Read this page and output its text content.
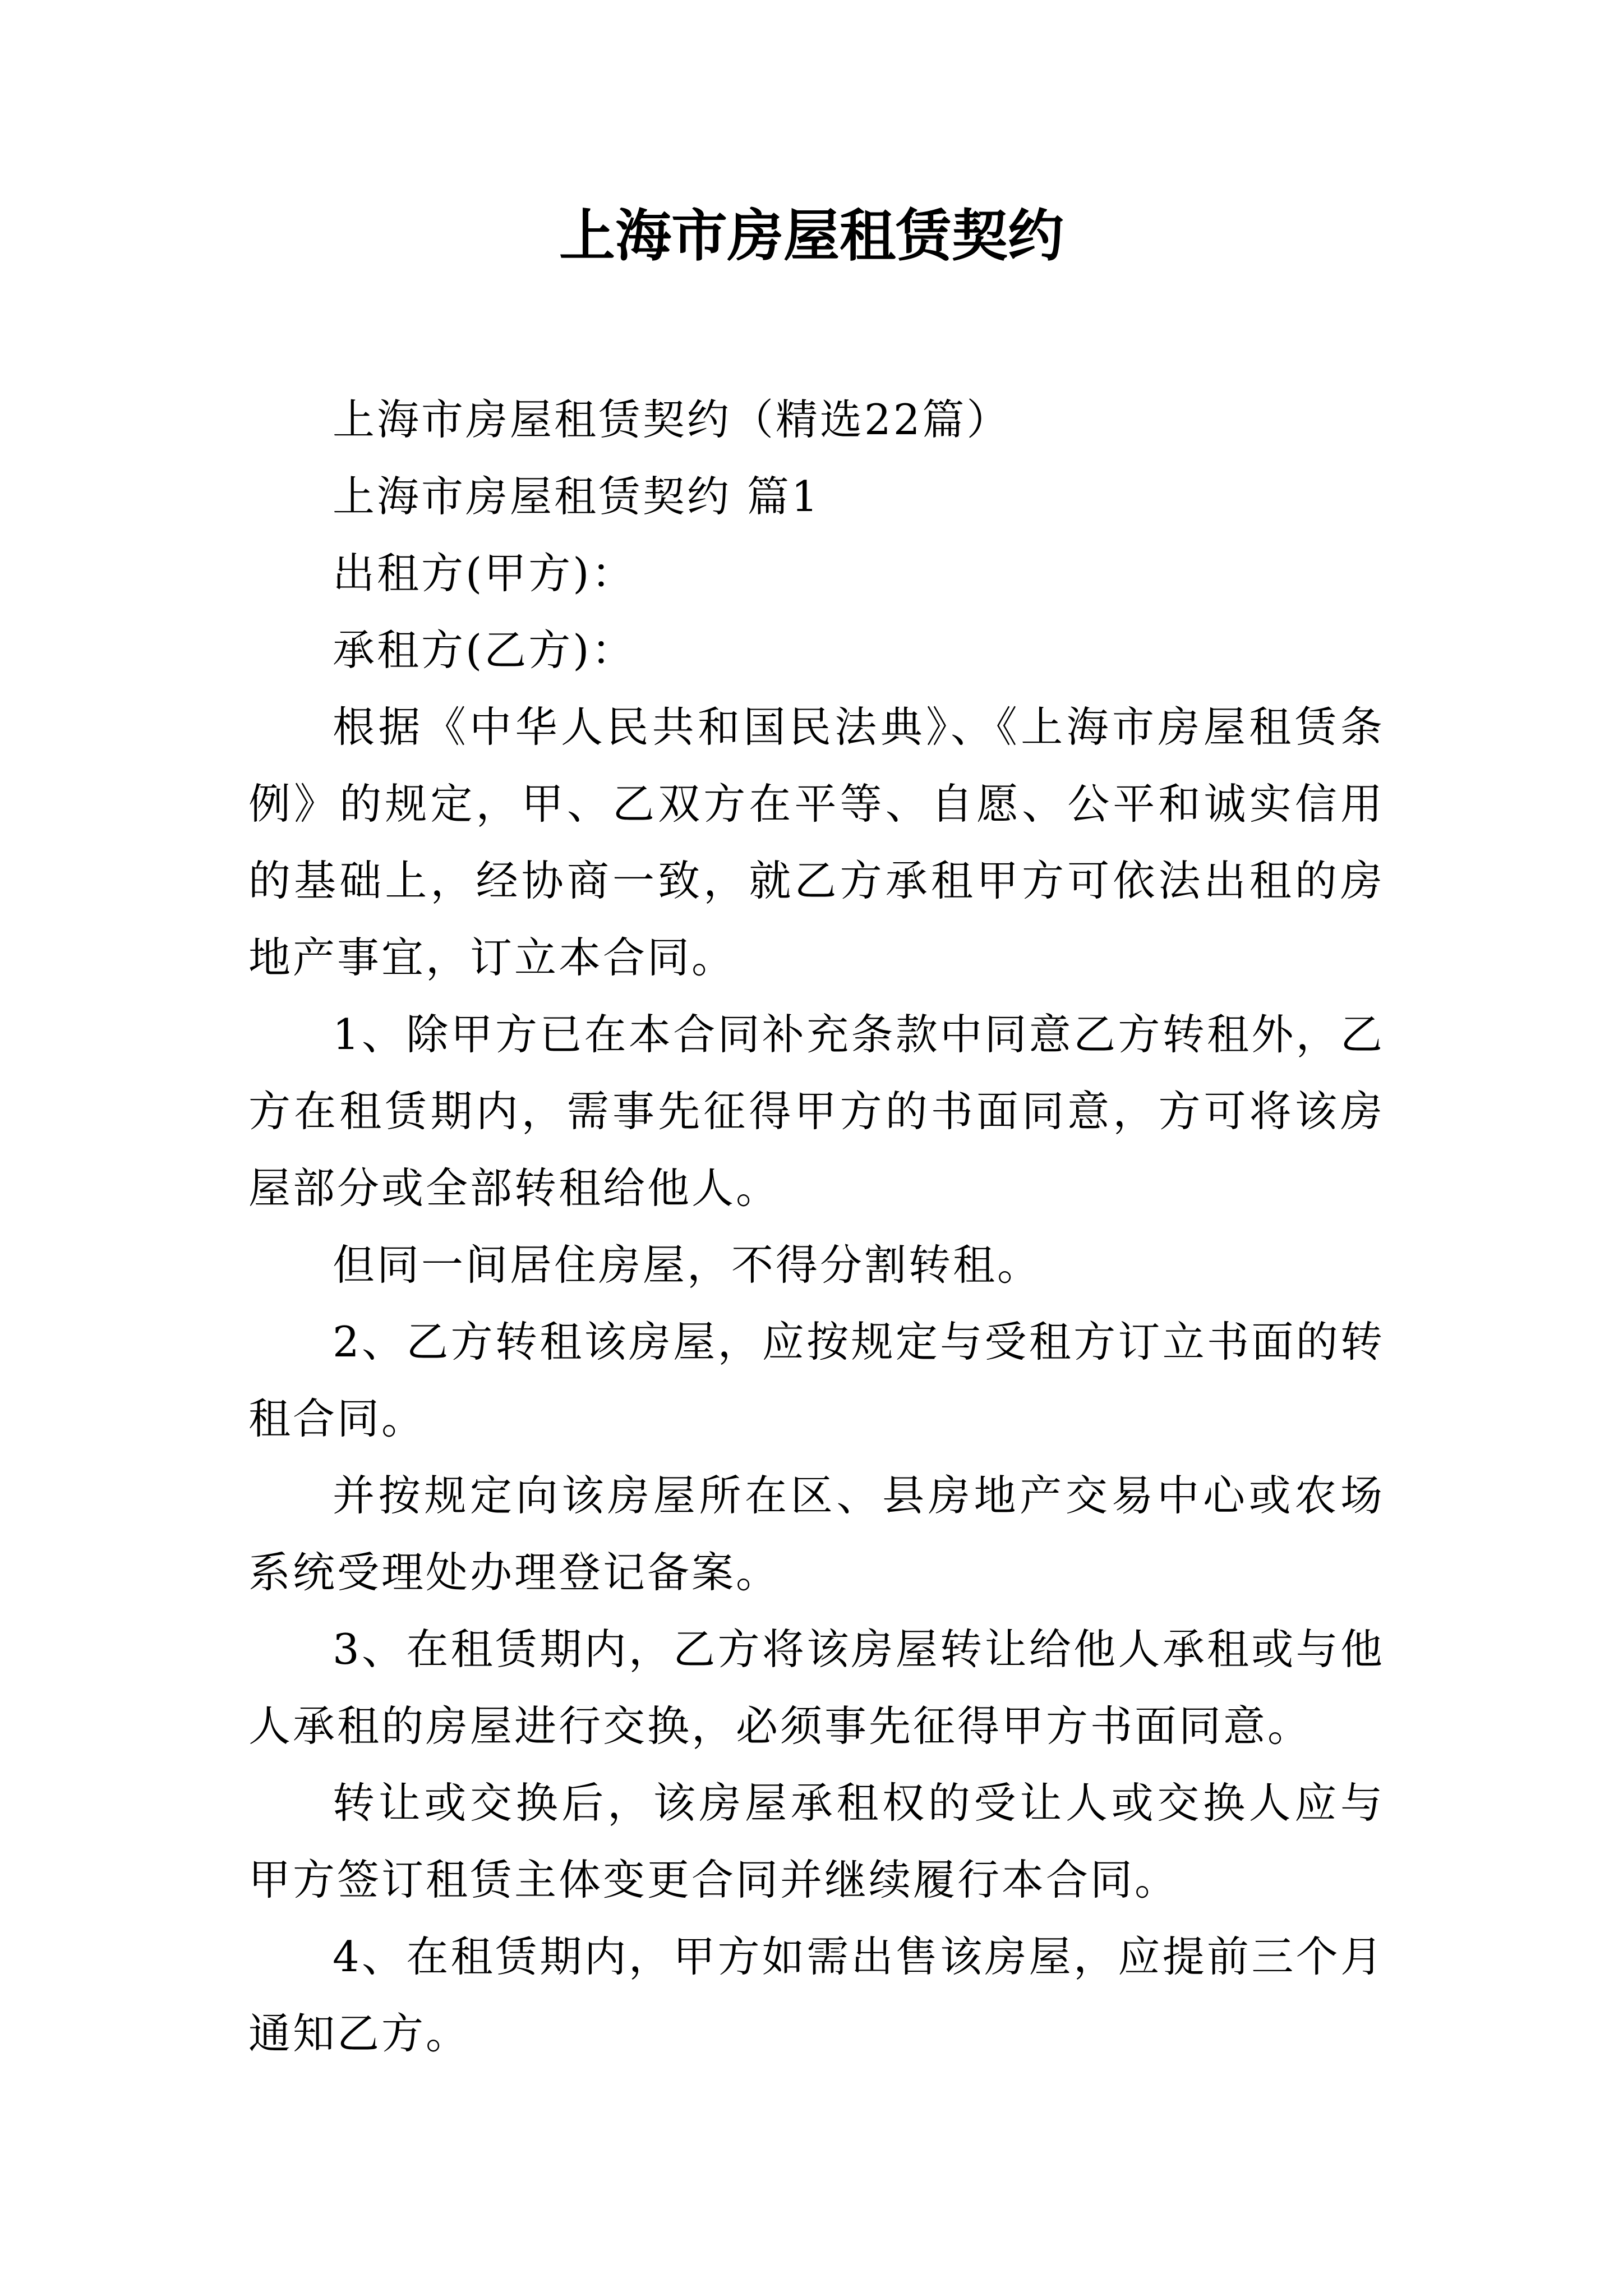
上海市房屋租赁契约

上海市房屋租赁契约（精选22篇）

上海市房屋租赁契约 篇1

出租方(甲方)：

承租方(乙方)：

根据《中华人民共和国民法典》、《上海市房屋租赁条例》的规定，甲、乙双方在平等、自愿、公平和诚实信用的基础上，经协商一致，就乙方承租甲方可依法出租的房地产事宜，订立本合同。

1、除甲方已在本合同补充条款中同意乙方转租外，乙方在租赁期内，需事先征得甲方的书面同意，方可将该房屋部分或全部转租给他人。

但同一间居住房屋，不得分割转租。

2、乙方转租该房屋，应按规定与受租方订立书面的转租合同。

并按规定向该房屋所在区、县房地产交易中心或农场系统受理处办理登记备案。

3、在租赁期内，乙方将该房屋转让给他人承租或与他人承租的房屋进行交换，必须事先征得甲方书面同意。

转让或交换后，该房屋承租权的受让人或交换人应与甲方签订租赁主体变更合同并继续履行本合同。

4、在租赁期内，甲方如需出售该房屋，应提前三个月通知乙方。
